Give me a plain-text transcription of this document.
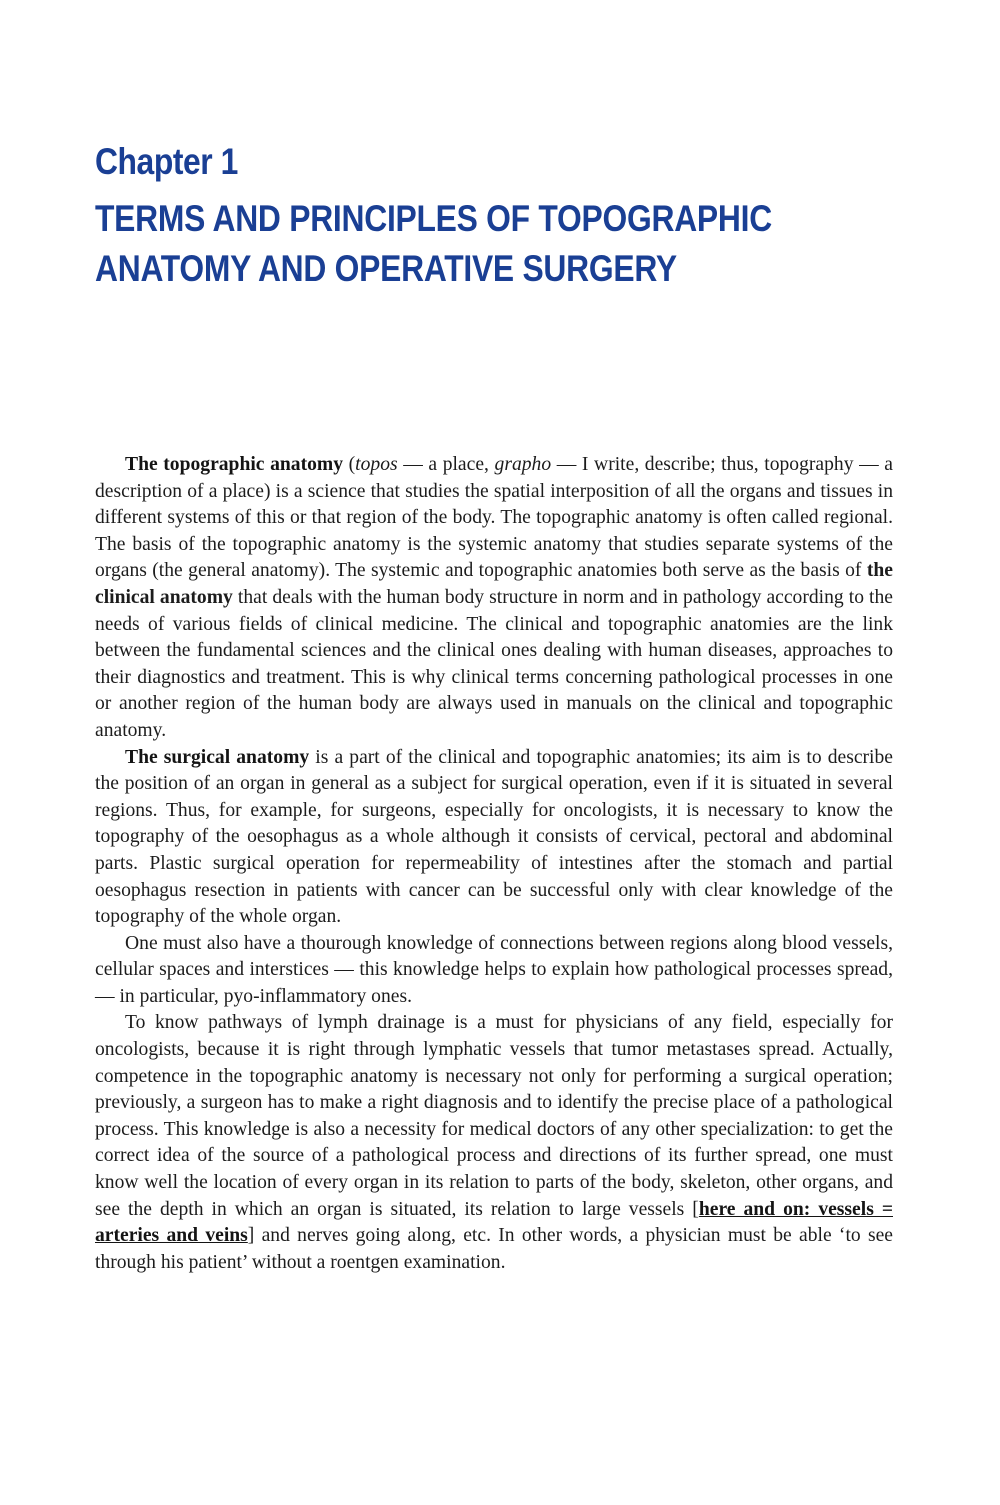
Chapter 1
TERMS AND PRINCIPLES OF TOPOGRAPHIC
ANATOMY AND OPERATIVE SURGERY

The topographic anatomy (topos — a place, grapho — I write, describe; thus, topography — a description of a place) is a science that studies the spatial interposition of all the organs and tissues in different systems of this or that region of the body. The topographic anatomy is often called regional. The basis of the topographic anatomy is the systemic anatomy that studies separate systems of the organs (the general anatomy). The systemic and topographic anatomies both serve as the basis of the clinical anatomy that deals with the human body structure in norm and in pathology according to the needs of various fields of clinical medicine. The clinical and topographic anatomies are the link between the fundamental sciences and the clinical ones dealing with human diseases, approaches to their diagnostics and treatment. This is why clinical terms concerning pathological processes in one or another region of the human body are always used in manuals on the clinical and topographic anatomy.

The surgical anatomy is a part of the clinical and topographic anatomies; its aim is to describe the position of an organ in general as a subject for surgical operation, even if it is situated in several regions. Thus, for example, for surgeons, especially for oncologists, it is necessary to know the topography of the oesophagus as a whole although it consists of cervical, pectoral and abdominal parts. Plastic surgical operation for repermeability of intestines after the stomach and partial oesophagus resection in patients with cancer can be successful only with clear knowledge of the topography of the whole organ.

One must also have a thourough knowledge of connections between regions along blood vessels, cellular spaces and interstices — this knowledge helps to explain how pathological processes spread, — in particular, pyo-inflammatory ones.

To know pathways of lymph drainage is a must for physicians of any field, especially for oncologists, because it is right through lymphatic vessels that tumor metastases spread. Actually, competence in the topographic anatomy is necessary not only for performing a surgical operation; previously, a surgeon has to make a right diagnosis and to identify the precise place of a pathological process. This knowledge is also a necessity for medical doctors of any other specialization: to get the correct idea of the source of a pathological process and directions of its further spread, one must know well the location of every organ in its relation to parts of the body, skeleton, other organs, and see the depth in which an organ is situated, its relation to large vessels [here and on: vessels = arteries and veins] and nerves going along, etc. In other words, a physician must be able ‘to see through his patient’ without a roentgen examination.
